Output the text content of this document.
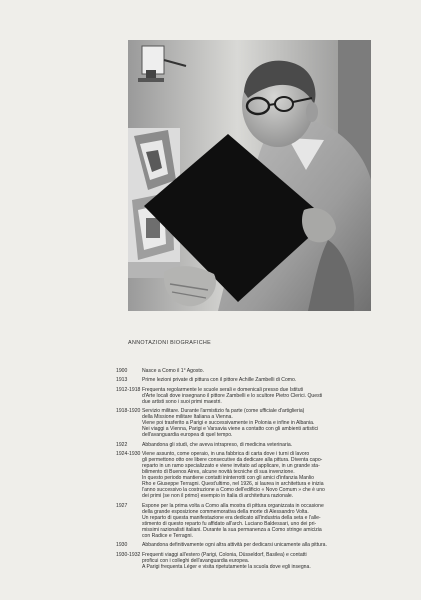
ANNOTAZIONI BIOGRAFICHE
1900	Nasce a Como il 1° Agosto.
1913	Prime lezioni private di pittura con il pittore Achille Zambelli di Como.
1912-1918 Frequenta regolarmente le scuole serali e domenicali presso due Istituti
d'Arte locali dove insegnano il pittore Zambelli e lo scultore Pietro Clerici. Questi
due artisti sono i suoi primi maestri.
1918-1920 Servizio militare. Durante l'armistizio fa parte (come ufficiale d'artiglieria)
della Missione militare Italiana a Vienna.
Viene poi trasferito a Parigi e successivamente in Polonia e infine in Albania.
Nei viaggi a Vienna, Parigi e Varsavia viene a contatto con gli ambienti artistici
dell'avanguardia europea di quel tempo.
1922	Abbandona gli studi, che aveva intrapreso, di medicina veterinaria.
1924-1930 Viene assunto, come operaio, in una fabbrica di carta dove i turni di lavoro
gli permettono otto ore libere consecutive da dedicare alla pittura. Diventa capo-
reparto in un ramo specializzato e viene invitato ad applicare, in un grande sta-
bilimento di Buenos Aires, alcune novità tecniche di sua invenzione.
In questo periodo mantiene contatti ininterrotti con gli amici d'infanzia Manlio
Rho e Giuseppe Terragni. Quest'ultimo, nel 1926, si laurea in architettura e inizia
l'anno successivo la costruzione a Como dell'edificio « Novo Comum » che è uno
dei primi (se non il primo) esempio in Italia di architettura razionale.
1927	Espone per la prima volta a Como alla mostra di pittura organizzata in occasione
della grande esposizione commemorativa della morte di Alessandro Volta.
Un reparto di questa manifestazione era dedicato all'industria della seta e l'alle-
stimento di questo reparto fu affidato all'arch. Luciano Baldessari, uno dei pri-
missimi razionalisti italiani. Durante la sua permanenza a Como stringe amicizia
con Radice e Terragni.
1930	Abbandona definitivamente ogni altra attività per dedicarsi unicamente alla pittura.
1930-1932 Frequenti viaggi all'estero (Parigi, Colonia, Düsseldorf, Basilea) e contatti
proficui con i colleghi dell'avanguardia europea.
A Parigi frequenta Léger e visita ripetutamente la scuola dove egli insegna.
